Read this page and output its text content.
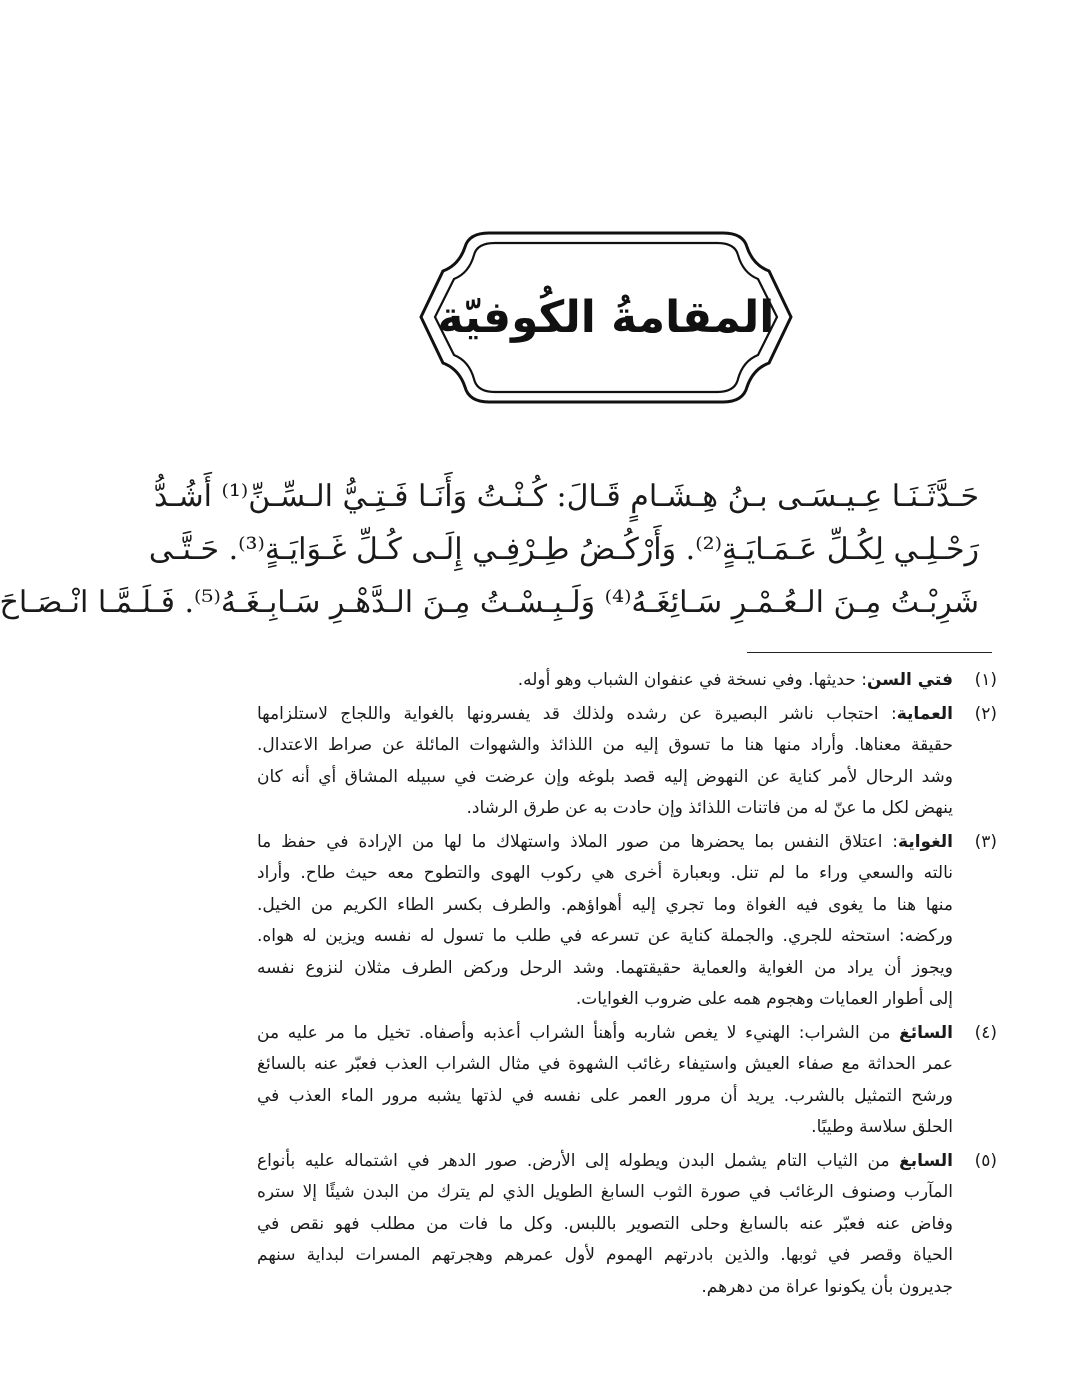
المقامةُ الكُوفيّة
حَـدَّثَـنَـا عِـيـسَـى بـنُ هِـشَـامٍ قَـالَ: كُـنْـتُ وَأَنَـا فَـتِـيُّ الـسِّـنِّ⁽¹⁾ أَشُـدُّ
رَحْـلِـي لِكُـلِّ عَـمَـايَـةٍ⁽²⁾. وَأَرْكُـضُ طِـرْفِـي إِلَـى كُـلِّ غَـوَايَـةٍ⁽³⁾. حَـتَّـى
شَرِبْـتُ مِـنَ الـعُـمْـرِ سَـائِغَـهُ⁽⁴⁾ وَلَـبِـسْـتُ مِـنَ الـدَّهْـرِ سَـابِـغَـهُ⁽⁵⁾. فَـلَـمَّـا انْـصَـاحَ
(١)
فتي السن: حديثها. وفي نسخة في عنفوان الشباب وهو أوله.
(٢)
العماية: احتجاب ناشر البصيرة عن رشده ولذلك قد يفسرونها بالغواية واللجاج لاستلزامها
حقيقة معناها. وأراد منها هنا ما تسوق إليه من اللذائذ والشهوات المائلة عن صراط الاعتدال.
وشد الرحال لأمر كناية عن النهوض إليه قصد بلوغه وإن عرضت في سبيله المشاق أي أنه كان
ينهض لكل ما عنّ له من فاتنات اللذائذ وإن حادت به عن طرق الرشاد.
(٣)
الغواية: اعتلاق النفس بما يحضرها من صور الملاذ واستهلاك ما لها من الإرادة في حفظ ما
نالته والسعي وراء ما لم تنل. وبعبارة أخرى هي ركوب الهوى والتطوح معه حيث طاح. وأراد
منها هنا ما يغوى فيه الغواة وما تجري إليه أهواؤهم. والطرف بكسر الطاء الكريم من الخيل.
وركضه: استحثه للجري. والجملة كناية عن تسرعه في طلب ما تسول له نفسه ويزين له هواه.
ويجوز أن يراد من الغواية والعماية حقيقتهما. وشد الرحل وركض الطرف مثلان لنزوع نفسه
إلى أطوار العمايات وهجوم همه على ضروب الغوايات.
(٤)
السائغ من الشراب: الهنيء لا يغص شاربه وأهنأ الشراب أعذبه وأصفاه. تخيل ما مر عليه من
عمر الحداثة مع صفاء العيش واستيفاء رغائب الشهوة في مثال الشراب العذب فعبّر عنه بالسائغ
ورشح التمثيل بالشرب. يريد أن مرور العمر على نفسه في لذتها يشبه مرور الماء العذب في
الحلق سلاسة وطيبًا.
(٥)
السابغ من الثياب التام يشمل البدن ويطوله إلى الأرض. صور الدهر في اشتماله عليه بأنواع
المآرب وصنوف الرغائب في صورة الثوب السابغ الطويل الذي لم يترك من البدن شيئًا إلا ستره
وفاض عنه فعبّر عنه بالسابغ وحلى التصوير باللبس. وكل ما فات من مطلب فهو نقص في
الحياة وقصر في ثوبها. والذين بادرتهم الهموم لأول عمرهم وهجرتهم المسرات لبداية سنهم
جديرون بأن يكونوا عراة من دهرهم.
